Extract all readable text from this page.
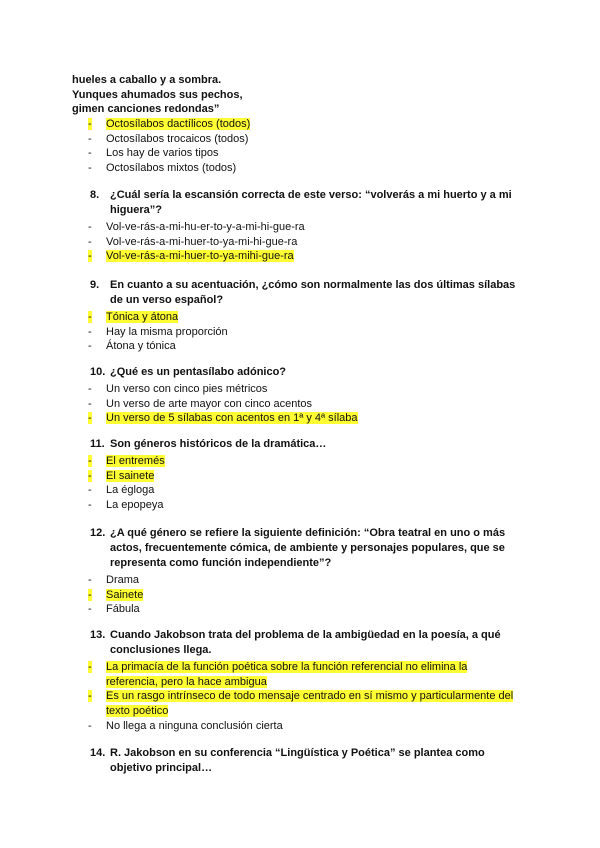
hueles a caballo y a sombra.
Yunques ahumados sus pechos,
gimen canciones redondas”
-	Octosílabos dactílicos (todos)
-	Octosílabos trocaicos (todos)
-	Los hay de varios tipos
-	Octosílabos mixtos (todos)
8. ¿Cuál sería la escansión correcta de este verso: “volverás a mi huerto y a mi
higuera”?
-	Vol-ve-rás-a-mi-hu-er-to-y-a-mi-hi-gue-ra
-	Vol-ve-rás-a-mi-huer-to-ya-mi-hi-gue-ra
-	Vol-ve-rás-a-mi-huer-to-ya-mihi-gue-ra
9. En cuanto a su acentuación, ¿cómo son normalmente las dos últimas sílabas
de un verso español?
-	Tónica y átona
-	Hay la misma proporción
-	Átona y tónica
10. ¿Qué es un pentasílabo adónico?
-	Un verso con cinco pies métricos
-	Un verso de arte mayor con cinco acentos
-	Un verso de 5 sílabas con acentos en 1ª y 4ª sílaba
11. Son géneros históricos de la dramática…
-	El entremés
-	El sainete
-	La égloga
-	La epopeya
12. ¿A qué género se refiere la siguiente definición: “Obra teatral en uno o más
actos, frecuentemente cómica, de ambiente y personajes populares, que se
representa como función independiente”?
-	Drama
-	Sainete
-	Fábula
13. Cuando Jakobson trata del problema de la ambigüedad en la poesía, a qué
conclusiones llega.
-	La primacía de la función poética sobre la función referencial no elimina la
referencia, pero la hace ambigua
-	Es un rasgo intrínseco de todo mensaje centrado en sí mismo y particularmente del
texto poético
-	No llega a ninguna conclusión cierta
14. R. Jakobson en su conferencia “Lingüística y Poética” se plantea como
objetivo principal…
